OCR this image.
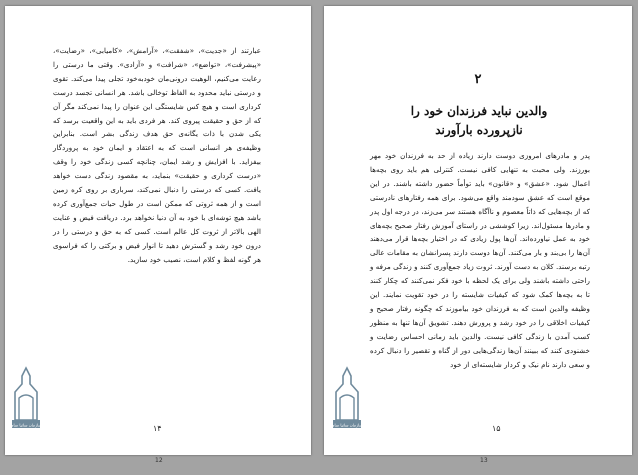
عبارتند از «جدیت»، «شفقت»، «آرامش»، «کامیابی»، «رضایت»، «پیشرفت»، «تواضع»، «شرافت» و «آزادی». وقتی ما درستی را رعایت می‌کنیم، الوهیت درونی‌مان خودبه‌خود تجلی پیدا می‌کند. تقوی و درستی نباید محدود به الفاظ توخالی باشد. هر انسانی تجسد درست کرداری است و هیچ کس شایستگی این عنوان را پیدا نمی‌کند مگر آن که از حق و حقیقت پیروی کند. هر فردی باید به این واقعیت برسد که یکی شدن با ذات یگانه‌ی حق هدف زندگی بشر است. بنابراین وظیفه‌ی هر انسانی است که به اعتقاد و ایمان خود به پروردگار بیفزاید. با افزایش و رشد ایمان، چنانچه کسی زندگی خود را وقف «درست کرداری و حقیقت» بنماید، به مقصود زندگی دست خواهد یافت. کسی که درستی را دنبال نمی‌کند، سرباری بر روی کره زمین است و از همه ثروتی که ممکن است در طول حیات جمع‌آوری کرده باشد هیچ توشه‌ای با خود به آن دنیا نخواهد برد. دریافت فیض و عنایت الهی بالاتر از ثروت کل عالم است. کسی که به حق و درستی را در درون خود رشد و گسترش دهید تا انوار فیض و برکتی را که فراسوی هر گونه لفظ و کلام است، نصیب خود سازید.

۱۴
سازمان ساتیا سای
12
۲
والدین نباید فرزندان خود را
نازپرورده بارآورند

پدر و مادرهای امروزی دوست دارند زیاده از حد به فرزندان خود مهر بورزند. ولی محبت به تنهایی کافی نیست. کنترلی هم باید روی بچه‌ها اعمال شود. «عشق» و «قانون» باید توأماً حضور داشته باشند. در این موقع است که عشق سودمند واقع می‌شود. برای همه رفتارهای نادرستی که از بچه‌هایی که ذاتاً معصوم و ناآگاه هستند سر می‌زند، در درجه اول پدر و مادرها مسئول‌اند. زیرا کوششی در راستای آموزش رفتار صحیح بچه‌های خود به عمل نیاورده‌اند. آن‌ها پول زیادی که در اختیار بچه‌ها قرار می‌دهند آن‌ها را بی‌بند و بار می‌کنند. آن‌ها دوست دارند پسرانشان به مقامات عالی رتبه برسند. کلان به دست آورند. ثروت زیاد جمع‌آوری کنند و زندگی مرفه و راحتی داشته باشند ولی برای یک لحظه با خود فکر نمی‌کنند که چکار کنند تا به بچه‌ها کمک شود که کیفیات شایسته را در خود تقویت نمایند. این وظیفه والدین است که به فرزندان خود بیاموزند که چگونه رفتار صحیح و کیفیات اخلاقی را در خود رشد و پرورش دهند. تشویق آن‌ها تنها به منظور کسب آمدن با زندگی کافی نیست. والدین باید زمانی احساس رضایت و خشنودی کنند که ببینند آن‌ها زندگی‌هایی دور از گناه و تقصیر را دنبال کرده و سعی دارند نام نیک و کردار شایسته‌ای از خود

۱۵
سازمان ساتیا سای
13
